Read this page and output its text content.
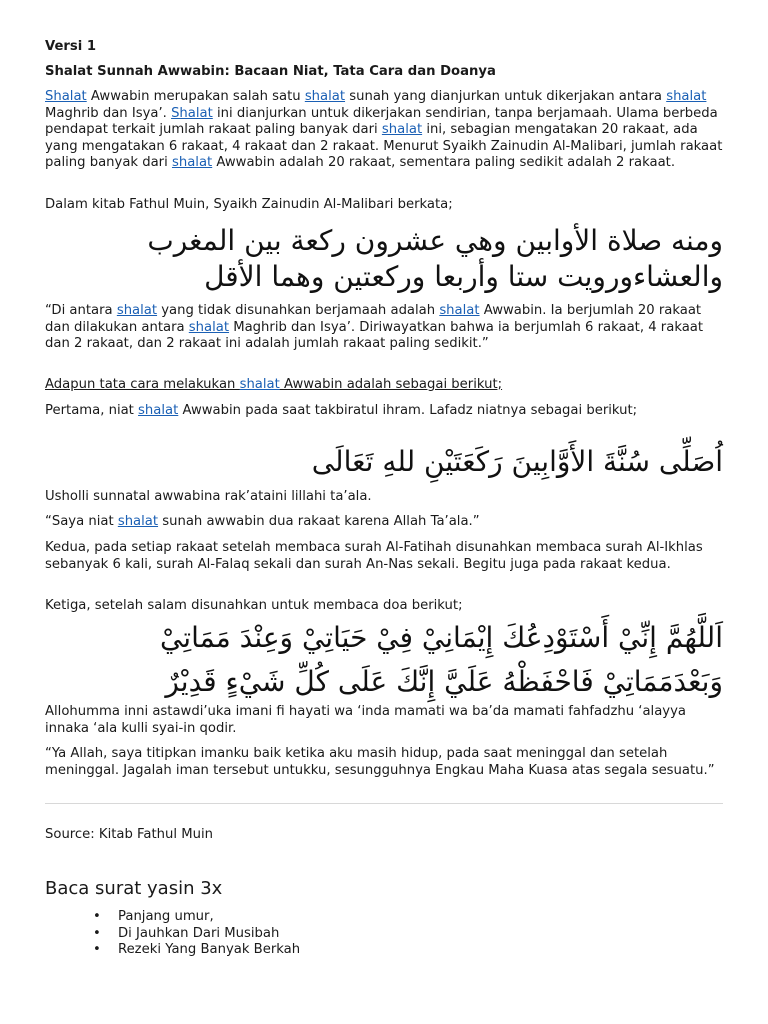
Versi 1

Shalat Sunnah Awwabin: Bacaan Niat, Tata Cara dan Doanya

Shalat Awwabin merupakan salah satu shalat sunah yang dianjurkan untuk dikerjakan antara shalat Maghrib dan Isya’. Shalat ini dianjurkan untuk dikerjakan sendirian, tanpa berjamaah. Ulama berbeda pendapat terkait jumlah rakaat paling banyak dari shalat ini, sebagian mengatakan 20 rakaat, ada yang mengatakan 6 rakaat, 4 rakaat dan 2 rakaat. Menurut Syaikh Zainudin Al-Malibari, jumlah rakaat paling banyak dari shalat Awwabin adalah 20 rakaat, sementara paling sedikit adalah 2 rakaat.

Dalam kitab Fathul Muin, Syaikh Zainudin Al-Malibari berkata;

ومنه صلاة الأوابين وهي عشرون ركعة بين المغرب والعشاءورويت ستا وأربعا وركعتين وهما الأقل

“Di antara shalat yang tidak disunahkan berjamaah adalah shalat Awwabin. Ia berjumlah 20 rakaat dan dilakukan antara shalat Maghrib dan Isya’. Diriwayatkan bahwa ia berjumlah 6 rakaat, 4 rakaat dan 2 rakaat, dan 2 rakaat ini adalah jumlah rakaat paling sedikit.”

Adapun tata cara melakukan shalat Awwabin adalah sebagai berikut;

Pertama, niat shalat Awwabin pada saat takbiratul ihram. Lafadz niatnya sebagai berikut;

اُصَلِّى سُنَّةَ الأَوَّابِينَ رَكَعَتَيْنِ للهِ تَعَالَى

Usholli sunnatal awwabina rak’ataini lillahi ta’ala.

“Saya niat shalat sunah awwabin dua rakaat karena Allah Ta’ala.”

Kedua, pada setiap rakaat setelah membaca surah Al-Fatihah disunahkan membaca surah Al-Ikhlas sebanyak 6 kali, surah Al-Falaq sekali dan surah An-Nas sekali. Begitu juga pada rakaat kedua.

Ketiga, setelah salam disunahkan untuk membaca doa berikut;

اَللَّهُمَّ إِنِّيْ أَسْتَوْدِعُكَ إِيْمَانِيْ فِيْ حَيَاتِيْ وَعِنْدَ مَمَاتِيْ وَبَعْدَمَمَاتِيْ فَاحْفَظْهُ عَلَيَّ إِنَّكَ عَلَى كُلِّ شَيْءٍ قَدِيْرٌ

Allohumma inni astawdi’uka imani fi hayati wa ‘inda mamati wa ba’da mamati fahfadzhu ‘alayya innaka ‘ala kulli syai-in qodir.

“Ya Allah, saya titipkan imanku baik ketika aku masih hidup, pada saat meninggal dan setelah meninggal. Jagalah iman tersebut untukku, sesungguhnya Engkau Maha Kuasa atas segala sesuatu.”

Source: Kitab Fathul Muin

Baca surat yasin 3x

• Panjang umur,
• Di Jauhkan Dari Musibah
• Rezeki Yang Banyak Berkah
